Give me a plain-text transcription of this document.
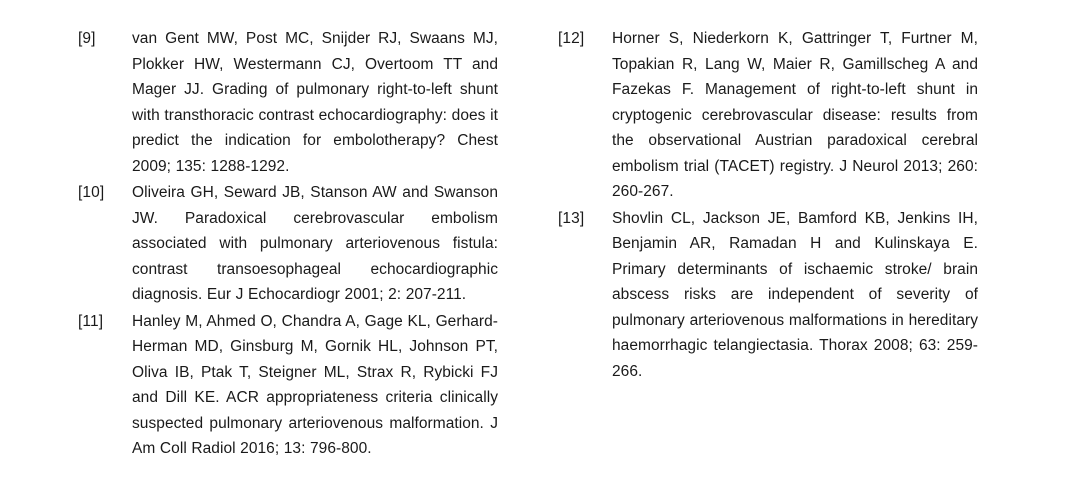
[9]	van Gent MW, Post MC, Snijder RJ, Swaans MJ, Plokker HW, Westermann CJ, Overtoom TT and Mager JJ. Grading of pulmonary right-to-left shunt with transthoracic contrast echocardiography: does it predict the indication for embolotherapy? Chest 2009; 135: 1288-1292.
[10]	Oliveira GH, Seward JB, Stanson AW and Swanson JW. Paradoxical cerebrovascular embolism associated with pulmonary arteriovenous fistula: contrast transoesophageal echocardiographic diagnosis. Eur J Echocardiogr 2001; 2: 207-211.
[11]	Hanley M, Ahmed O, Chandra A, Gage KL, Gerhard-Herman MD, Ginsburg M, Gornik HL, Johnson PT, Oliva IB, Ptak T, Steigner ML, Strax R, Rybicki FJ and Dill KE. ACR appropriateness criteria clinically suspected pulmonary arteriovenous malformation. J Am Coll Radiol 2016; 13: 796-800.
[12]	Horner S, Niederkorn K, Gattringer T, Furtner M, Topakian R, Lang W, Maier R, Gamillscheg A and Fazekas F. Management of right-to-left shunt in cryptogenic cerebrovascular disease: results from the observational Austrian paradoxical cerebral embolism trial (TACET) registry. J Neurol 2013; 260: 260-267.
[13]	Shovlin CL, Jackson JE, Bamford KB, Jenkins IH, Benjamin AR, Ramadan H and Kulinskaya E. Primary determinants of ischaemic stroke/ brain abscess risks are independent of severity of pulmonary arteriovenous malformations in hereditary haemorrhagic telangiectasia. Thorax 2008; 63: 259-266.
